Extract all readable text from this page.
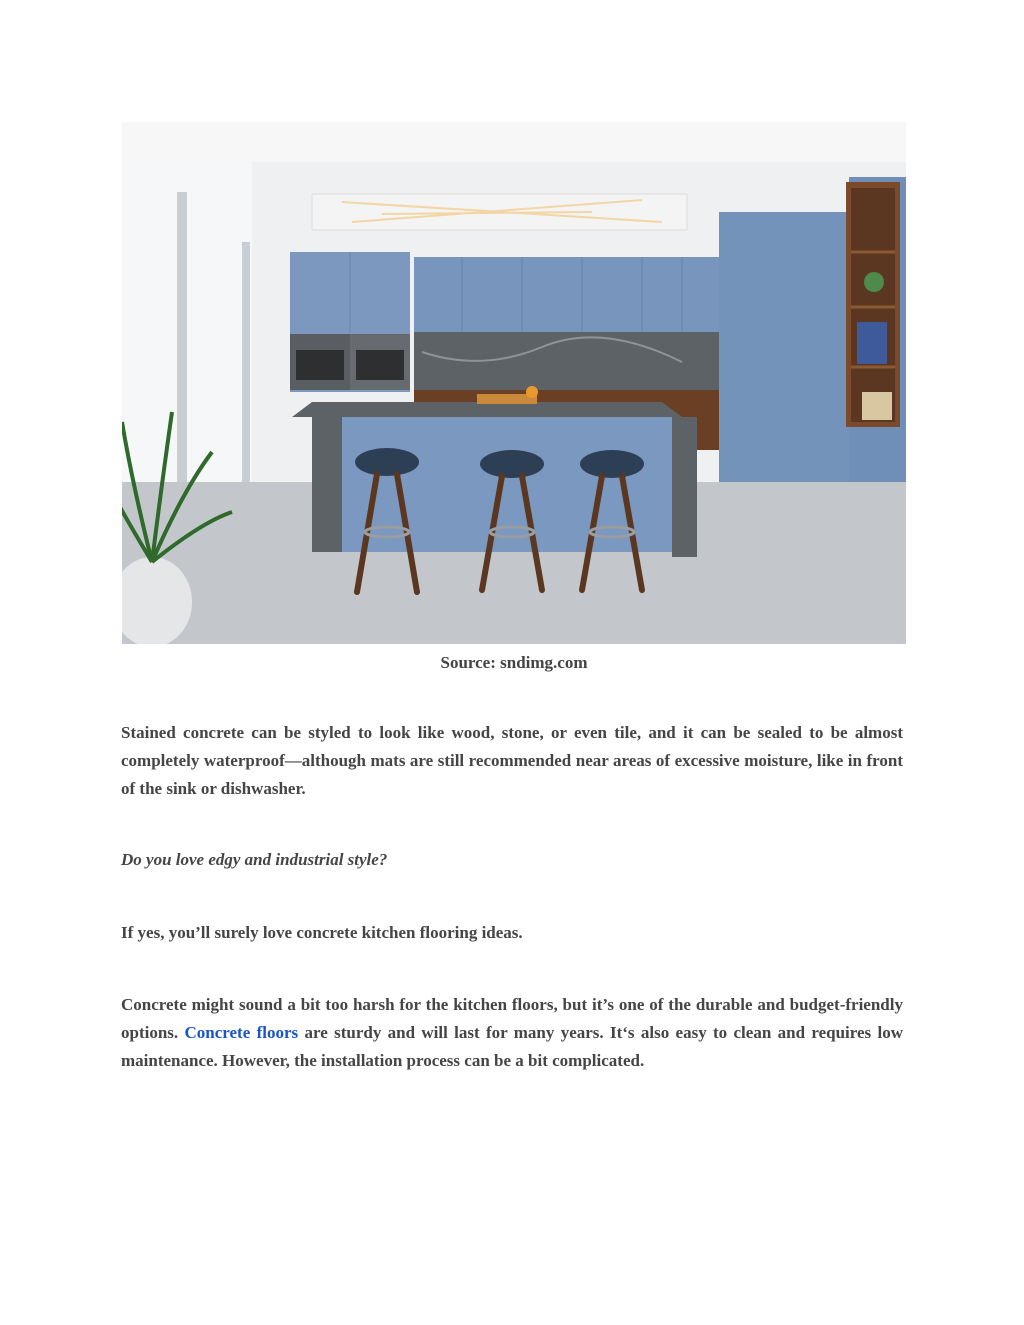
Source: sndimg.com

Stained concrete can be styled to look like wood, stone, or even tile, and it can be sealed to be almost completely waterproof—although mats are still recommended near areas of excessive moisture, like in front of the sink or dishwasher.

Do you love edgy and industrial style?

If yes, you’ll surely love concrete kitchen flooring ideas.

Concrete might sound a bit too harsh for the kitchen floors, but it’s one of the durable and budget-friendly options. Concrete floors are sturdy and will last for many years. It‘s also easy to clean and requires low maintenance. However, the installation process can be a bit complicated.
